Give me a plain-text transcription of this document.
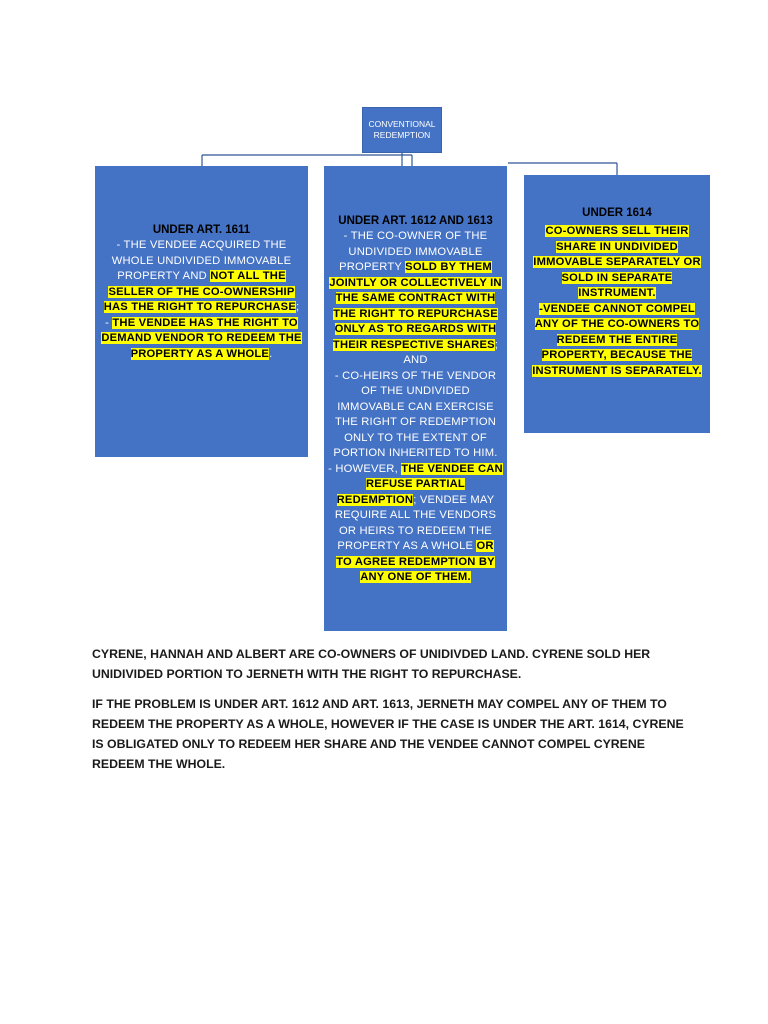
CONVENTIONAL REDEMPTION
UNDER ART. 1611

- THE VENDEE ACQUIRED THE WHOLE UNDIVIDED IMMOVABLE PROPERTY AND NOT ALL THE SELLER OF THE CO-OWNERSHIP HAS THE RIGHT TO REPURCHASE;

- THE VENDEE HAS THE RIGHT TO DEMAND VENDOR TO REDEEM THE PROPERTY AS A WHOLE.

UNDER ART. 1612 AND 1613

- THE CO-OWNER OF THE UNDIVIDED IMMOVABLE PROPERTY SOLD BY THEM JOINTLY OR COLLECTIVELY IN THE SAME CONTRACT WITH THE RIGHT TO REPURCHASE ONLY AS TO REGARDS WITH THEIR RESPECTIVE SHARES; AND

- CO-HEIRS OF THE VENDOR OF THE UNDIVIDED IMMOVABLE CAN EXERCISE THE RIGHT OF REDEMPTION ONLY TO THE EXTENT OF PORTION INHERITED TO HIM.

- HOWEVER, THE VENDEE CAN REFUSE PARTIAL REDEMPTION; VENDEE MAY REQUIRE ALL THE VENDORS OR HEIRS TO REDEEM THE PROPERTY AS A WHOLE OR TO AGREE REDEMPTION BY ANY ONE OF THEM.

UNDER 1614

CO-OWNERS SELL THEIR SHARE IN UNDIVIDED IMMOVABLE SEPARATELY OR SOLD IN SEPARATE INSTRUMENT.

-VENDEE CANNOT COMPEL ANY OF THE CO-OWNERS TO REDEEM THE ENTIRE PROPERTY, BECAUSE THE INSTRUMENT IS SEPARATELY.

CYRENE, HANNAH AND ALBERT ARE CO-OWNERS OF UNIDIVDED LAND. CYRENE SOLD HER UNIDIVIDED PORTION TO JERNETH WITH THE RIGHT TO REPURCHASE.

IF THE PROBLEM IS UNDER ART. 1612 AND ART. 1613, JERNETH MAY COMPEL ANY OF THEM TO REDEEM THE PROPERTY AS A WHOLE, HOWEVER IF THE CASE IS UNDER THE ART. 1614, CYRENE IS OBLIGATED ONLY TO REDEEM HER SHARE AND THE VENDEE CANNOT COMPEL CYRENE REDEEM THE WHOLE.
